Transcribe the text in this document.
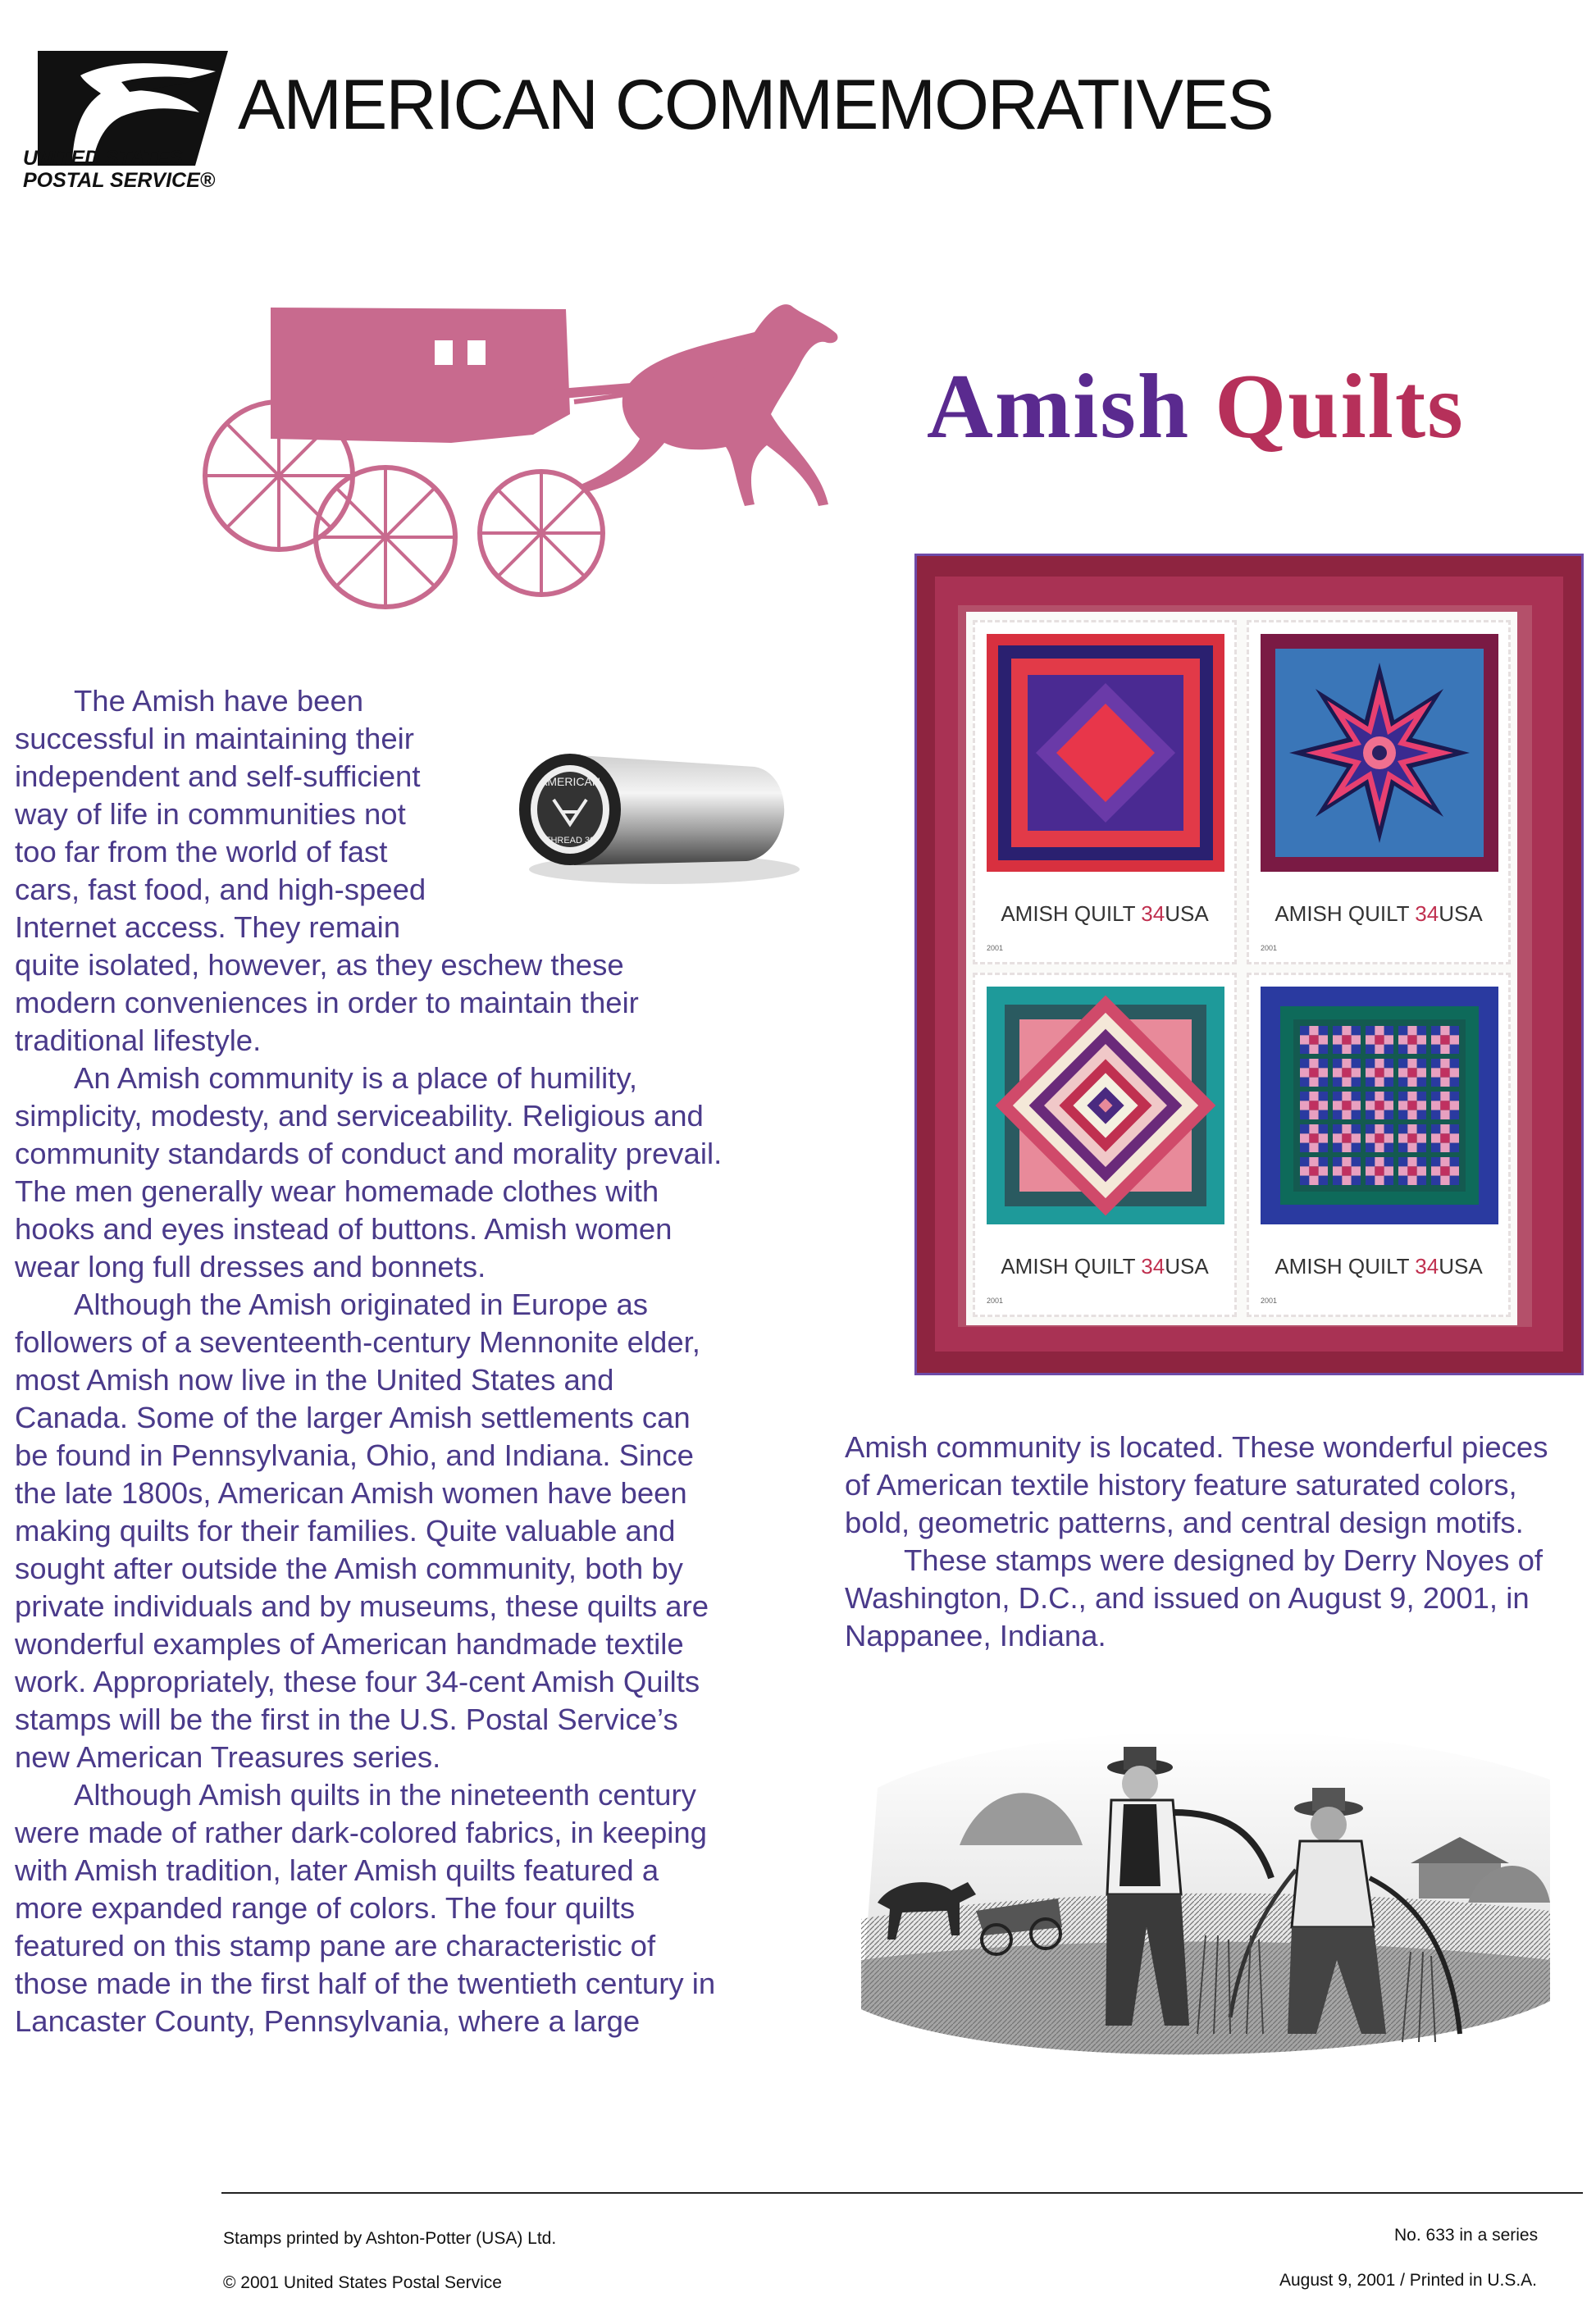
UNITED STATES
POSTAL SERVICE®
AMERICAN COMMEMORATIVES
Amish Quilts
AMERICAN
THREAD 30

The Amish have been
successful in maintaining their
independent and self-sufficient
way of life in communities not
too far from the world of fast
cars, fast food, and high-speed
Internet access. They remain
quite isolated, however, as they eschew these
modern conveniences in order to maintain their
traditional lifestyle.

An Amish community is a place of humility,
simplicity, modesty, and serviceability. Religious and
community standards of conduct and morality prevail.
The men generally wear homemade clothes with
hooks and eyes instead of buttons. Amish women
wear long full dresses and bonnets.

Although the Amish originated in Europe as
followers of a seventeenth-century Mennonite elder,
most Amish now live in the United States and
Canada. Some of the larger Amish settlements can
be found in Pennsylvania, Ohio, and Indiana. Since
the late 1800s, American Amish women have been
making quilts for their families. Quite valuable and
sought after outside the Amish community, both by
private individuals and by museums, these quilts are
wonderful examples of American handmade textile
work. Appropriately, these four 34-cent Amish Quilts
stamps will be the first in the U.S. Postal Service’s
new American Treasures series.

Although Amish quilts in the nineteenth century
were made of rather dark-colored fabrics, in keeping
with Amish tradition, later Amish quilts featured a
more expanded range of colors. The four quilts
featured on this stamp pane are characteristic of
those made in the first half of the twentieth century in
Lancaster County, Pennsylvania, where a large

AMISH QUILT 34USA
2001
AMISH QUILT 34USA
2001
AMISH QUILT 34USA
2001
AMISH QUILT 34USA
2001

Amish community is located. These wonderful pieces
of American textile history feature saturated colors,
bold, geometric patterns, and central design motifs.

These stamps were designed by Derry Noyes of
Washington, D.C., and issued on August 9, 2001, in
Nappanee, Indiana.

Stamps printed by Ashton-Potter (USA) Ltd.
© 2001 United States Postal Service
No. 633 in a series
August 9, 2001 / Printed in U.S.A.
